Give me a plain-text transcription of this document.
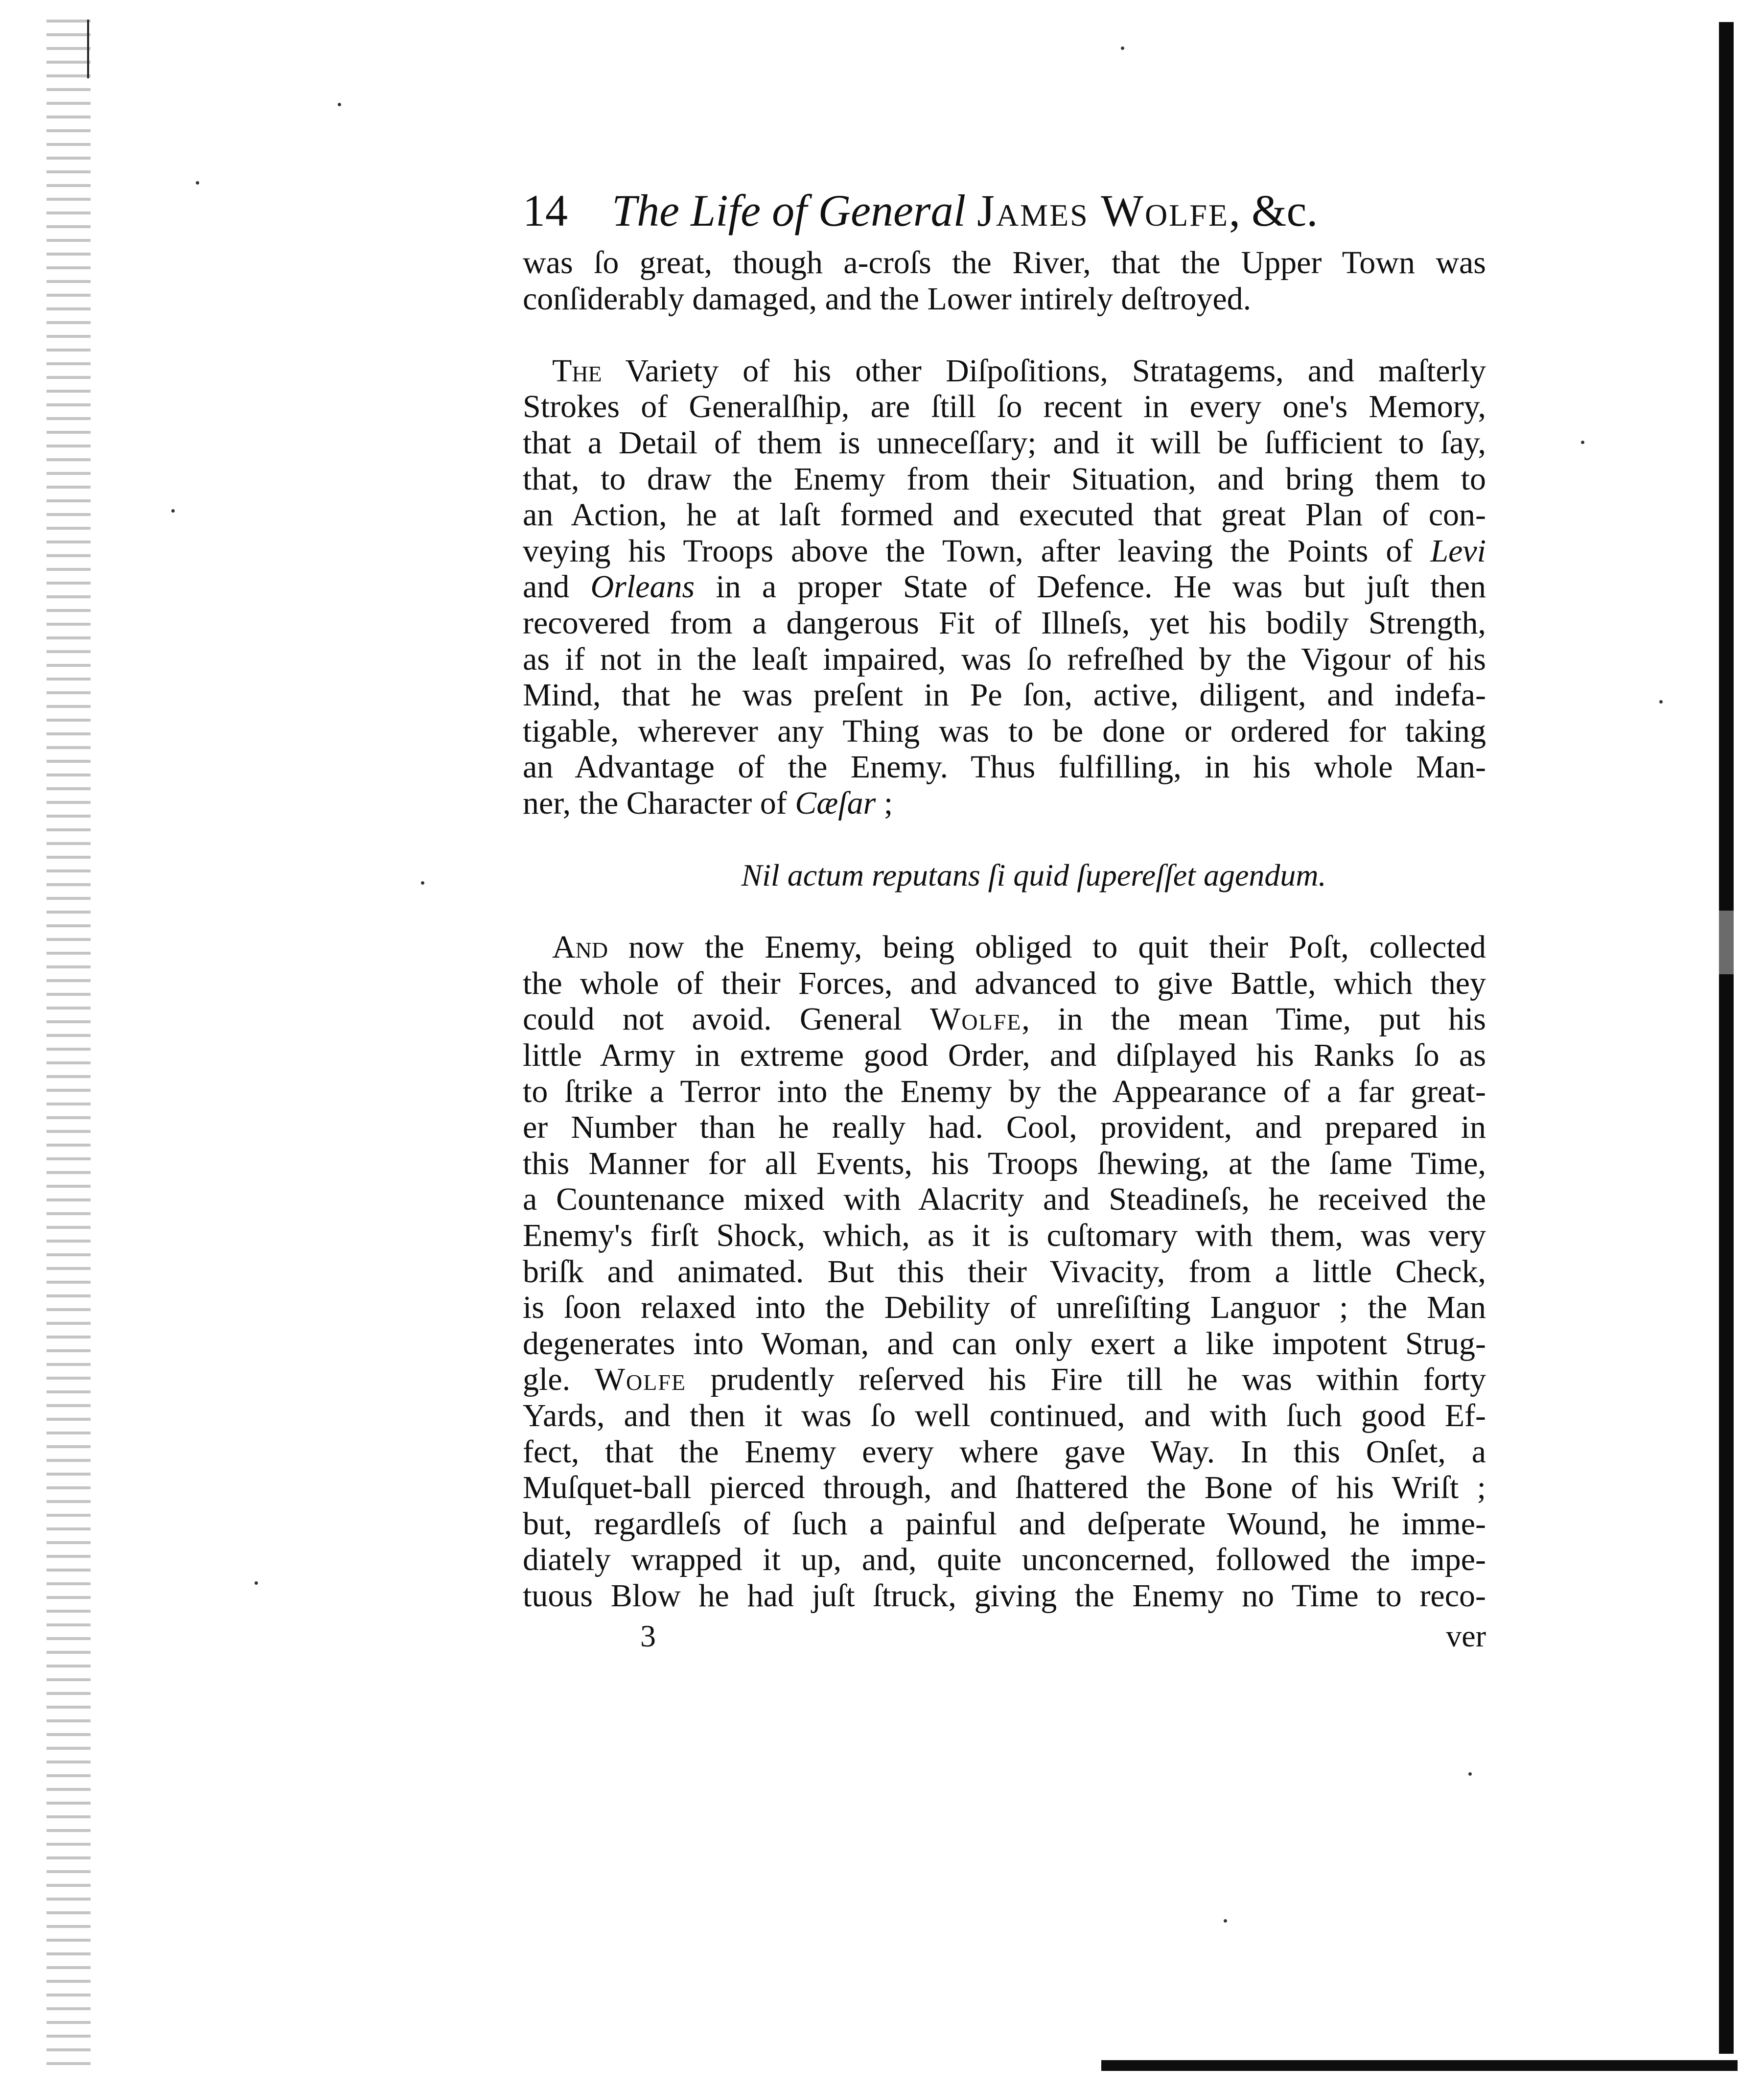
14 The Life of General James Wolfe, &c.
was ſo great, though a-croſs the River, that the Upper Town was
conſiderably damaged, and the Lower intirely deſtroyed.
The Variety of his other Diſpoſitions, Stratagems, and maſterly
Strokes of Generalſhip, are ſtill ſo recent in every one's Memory,
that a Detail of them is unneceſſary; and it will be ſufficient to ſay,
that, to draw the Enemy from their Situation, and bring them to
an Action, he at laſt formed and executed that great Plan of con-
veying his Troops above the Town, after leaving the Points of Levi
and Orleans in a proper State of Defence. He was but juſt then
recovered from a dangerous Fit of Illneſs, yet his bodily Strength,
as if not in the leaſt impaired, was ſo refreſhed by the Vigour of his
Mind, that he was preſent in Pe ſon, active, diligent, and indefa-
tigable, wherever any Thing was to be done or ordered for taking
an Advantage of the Enemy. Thus fulfilling, in his whole Man-
ner, the Character of Cæſar ;
Nil actum reputans ſi quid ſupereſſet agendum.
And now the Enemy, being obliged to quit their Poſt, collected
the whole of their Forces, and advanced to give Battle, which they
could not avoid. General Wolfe, in the mean Time, put his
little Army in extreme good Order, and diſplayed his Ranks ſo as
to ſtrike a Terror into the Enemy by the Appearance of a far great-
er Number than he really had. Cool, provident, and prepared in
this Manner for all Events, his Troops ſhewing, at the ſame Time,
a Countenance mixed with Alacrity and Steadineſs, he received the
Enemy's firſt Shock, which, as it is cuſtomary with them, was very
briſk and animated. But this their Vivacity, from a little Check,
is ſoon relaxed into the Debility of unreſiſting Languor ; the Man
degenerates into Woman, and can only exert a like impotent Strug-
gle. Wolfe prudently reſerved his Fire till he was within forty
Yards, and then it was ſo well continued, and with ſuch good Ef-
fect, that the Enemy every where gave Way. In this Onſet, a
Muſquet-ball pierced through, and ſhattered the Bone of his Wriſt ;
but, regardleſs of ſuch a painful and deſperate Wound, he imme-
diately wrapped it up, and, quite unconcerned, followed the impe-
tuous Blow he had juſt ſtruck, giving the Enemy no Time to reco-
3	ver
